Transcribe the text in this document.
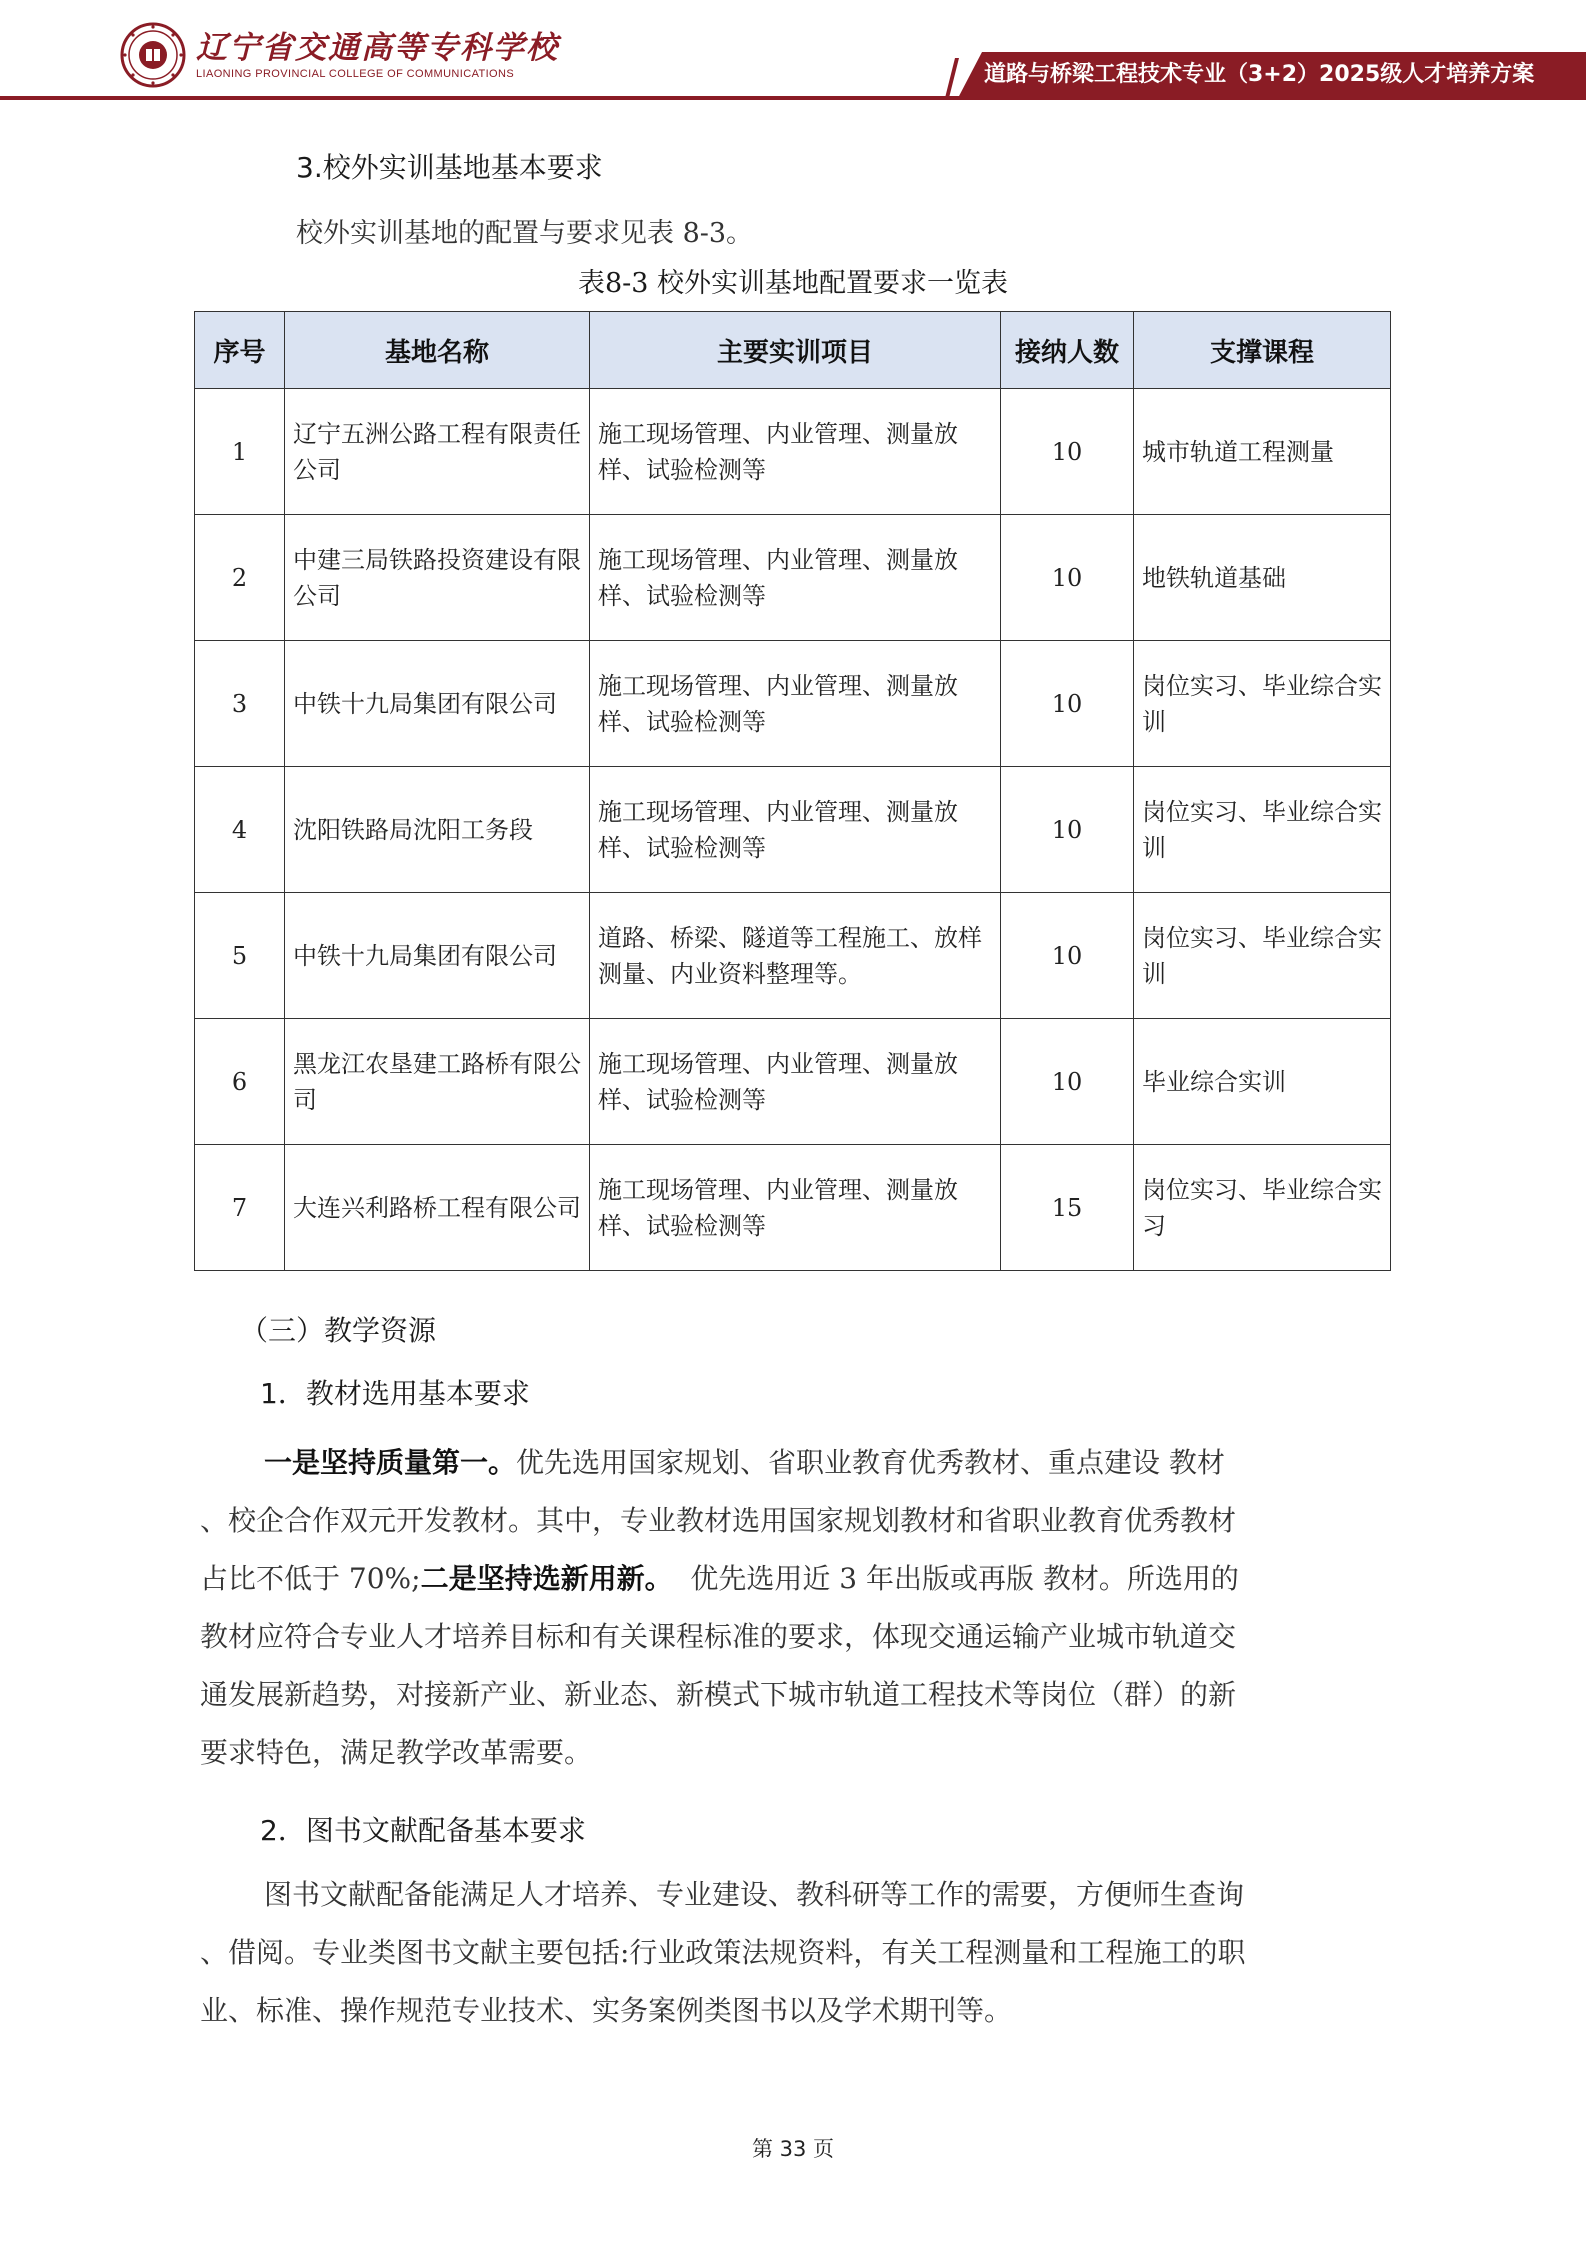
辽宁省交通高等专科学校
LIAONING PROVINCIAL COLLEGE OF COMMUNICATIONS	道路与桥梁工程技术专业（3+2）2025级人才培养方案
3.校外实训基地基本要求
校外实训基地的配置与要求见表 8-3。
表8-3 校外实训基地配置要求一览表
序号	基地名称	主要实训项目	接纳人数	支撑课程
1	辽宁五洲公路工程有限责任公司	施工现场管理、内业管理、测量放样、试验检测等	10	城市轨道工程测量
2	中建三局铁路投资建设有限公司	施工现场管理、内业管理、测量放样、试验检测等	10	地铁轨道基础
3	中铁十九局集团有限公司	施工现场管理、内业管理、测量放样、试验检测等	10	岗位实习、毕业综合实训
4	沈阳铁路局沈阳工务段	施工现场管理、内业管理、测量放样、试验检测等	10	岗位实习、毕业综合实训
5	中铁十九局集团有限公司	道路、桥梁、隧道等工程施工、放样测量、内业资料整理等。	10	岗位实习、毕业综合实训
6	黑龙江农垦建工路桥有限公司	施工现场管理、内业管理、测量放样、试验检测等	10	毕业综合实训
7	大连兴利路桥工程有限公司	施工现场管理、内业管理、测量放样、试验检测等	15	岗位实习、毕业综合实习
（三）教学资源
1．教材选用基本要求
一是坚持质量第一。优先选用国家规划、省职业教育优秀教材、重点建设 教材
、校企合作双元开发教材。其中，专业教材选用国家规划教材和省职业教育优秀教材
占比不低于 70%;二是坚持选新用新。 优先选用近 3 年出版或再版 教材。所选用的
教材应符合专业人才培养目标和有关课程标准的要求，体现交通运输产业城市轨道交
通发展新趋势，对接新产业、新业态、新模式下城市轨道工程技术等岗位（群）的新
要求特色，满足教学改革需要。
2．图书文献配备基本要求
图书文献配备能满足人才培养、专业建设、教科研等工作的需要，方便师生查询
、借阅。专业类图书文献主要包括:行业政策法规资料，有关工程测量和工程施工的职
业、标准、操作规范专业技术、实务案例类图书以及学术期刊等。
第 33 页
